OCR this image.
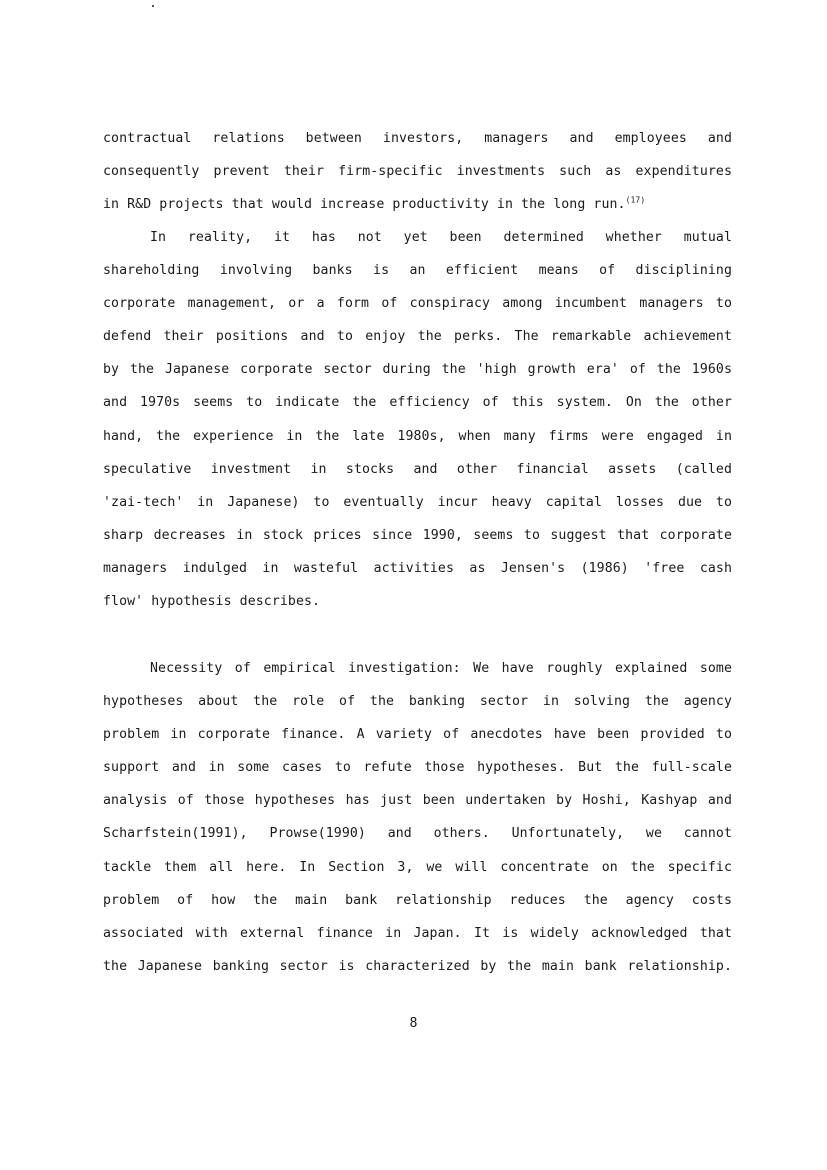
contractual relations between investors, managers and employees and
consequently prevent their firm-specific investments such as expenditures
in R&D projects that would increase productivity in the long run.$^{(17)}$
In reality, it has not yet been determined whether mutual
shareholding involving banks is an efficient means of disciplining
corporate management, or a form of conspiracy among incumbent managers to
defend their positions and to enjoy the perks. The remarkable achievement
by the Japanese corporate sector during the 'high growth era' of the 1960s
and 1970s seems to indicate the efficiency of this system. On the other
hand, the experience in the late 1980s, when many firms were engaged in
speculative investment in stocks and other financial assets (called
'zai-tech' in Japanese) to eventually incur heavy capital losses due to
sharp decreases in stock prices since 1990, seems to suggest that corporate
managers indulged in wasteful activities as Jensen's (1986) 'free cash
flow' hypothesis describes.
Necessity of empirical investigation: We have roughly explained some
hypotheses about the role of the banking sector in solving the agency
problem in corporate finance. A variety of anecdotes have been provided to
support and in some cases to refute those hypotheses. But the full-scale
analysis of those hypotheses has just been undertaken by Hoshi, Kashyap and
Scharfstein(1991), Prowse(1990) and others. Unfortunately, we cannot
tackle them all here. In Section 3, we will concentrate on the specific
problem of how the main bank relationship reduces the agency costs
associated with external finance in Japan. It is widely acknowledged that
the Japanese banking sector is characterized by the main bank relationship.
8
